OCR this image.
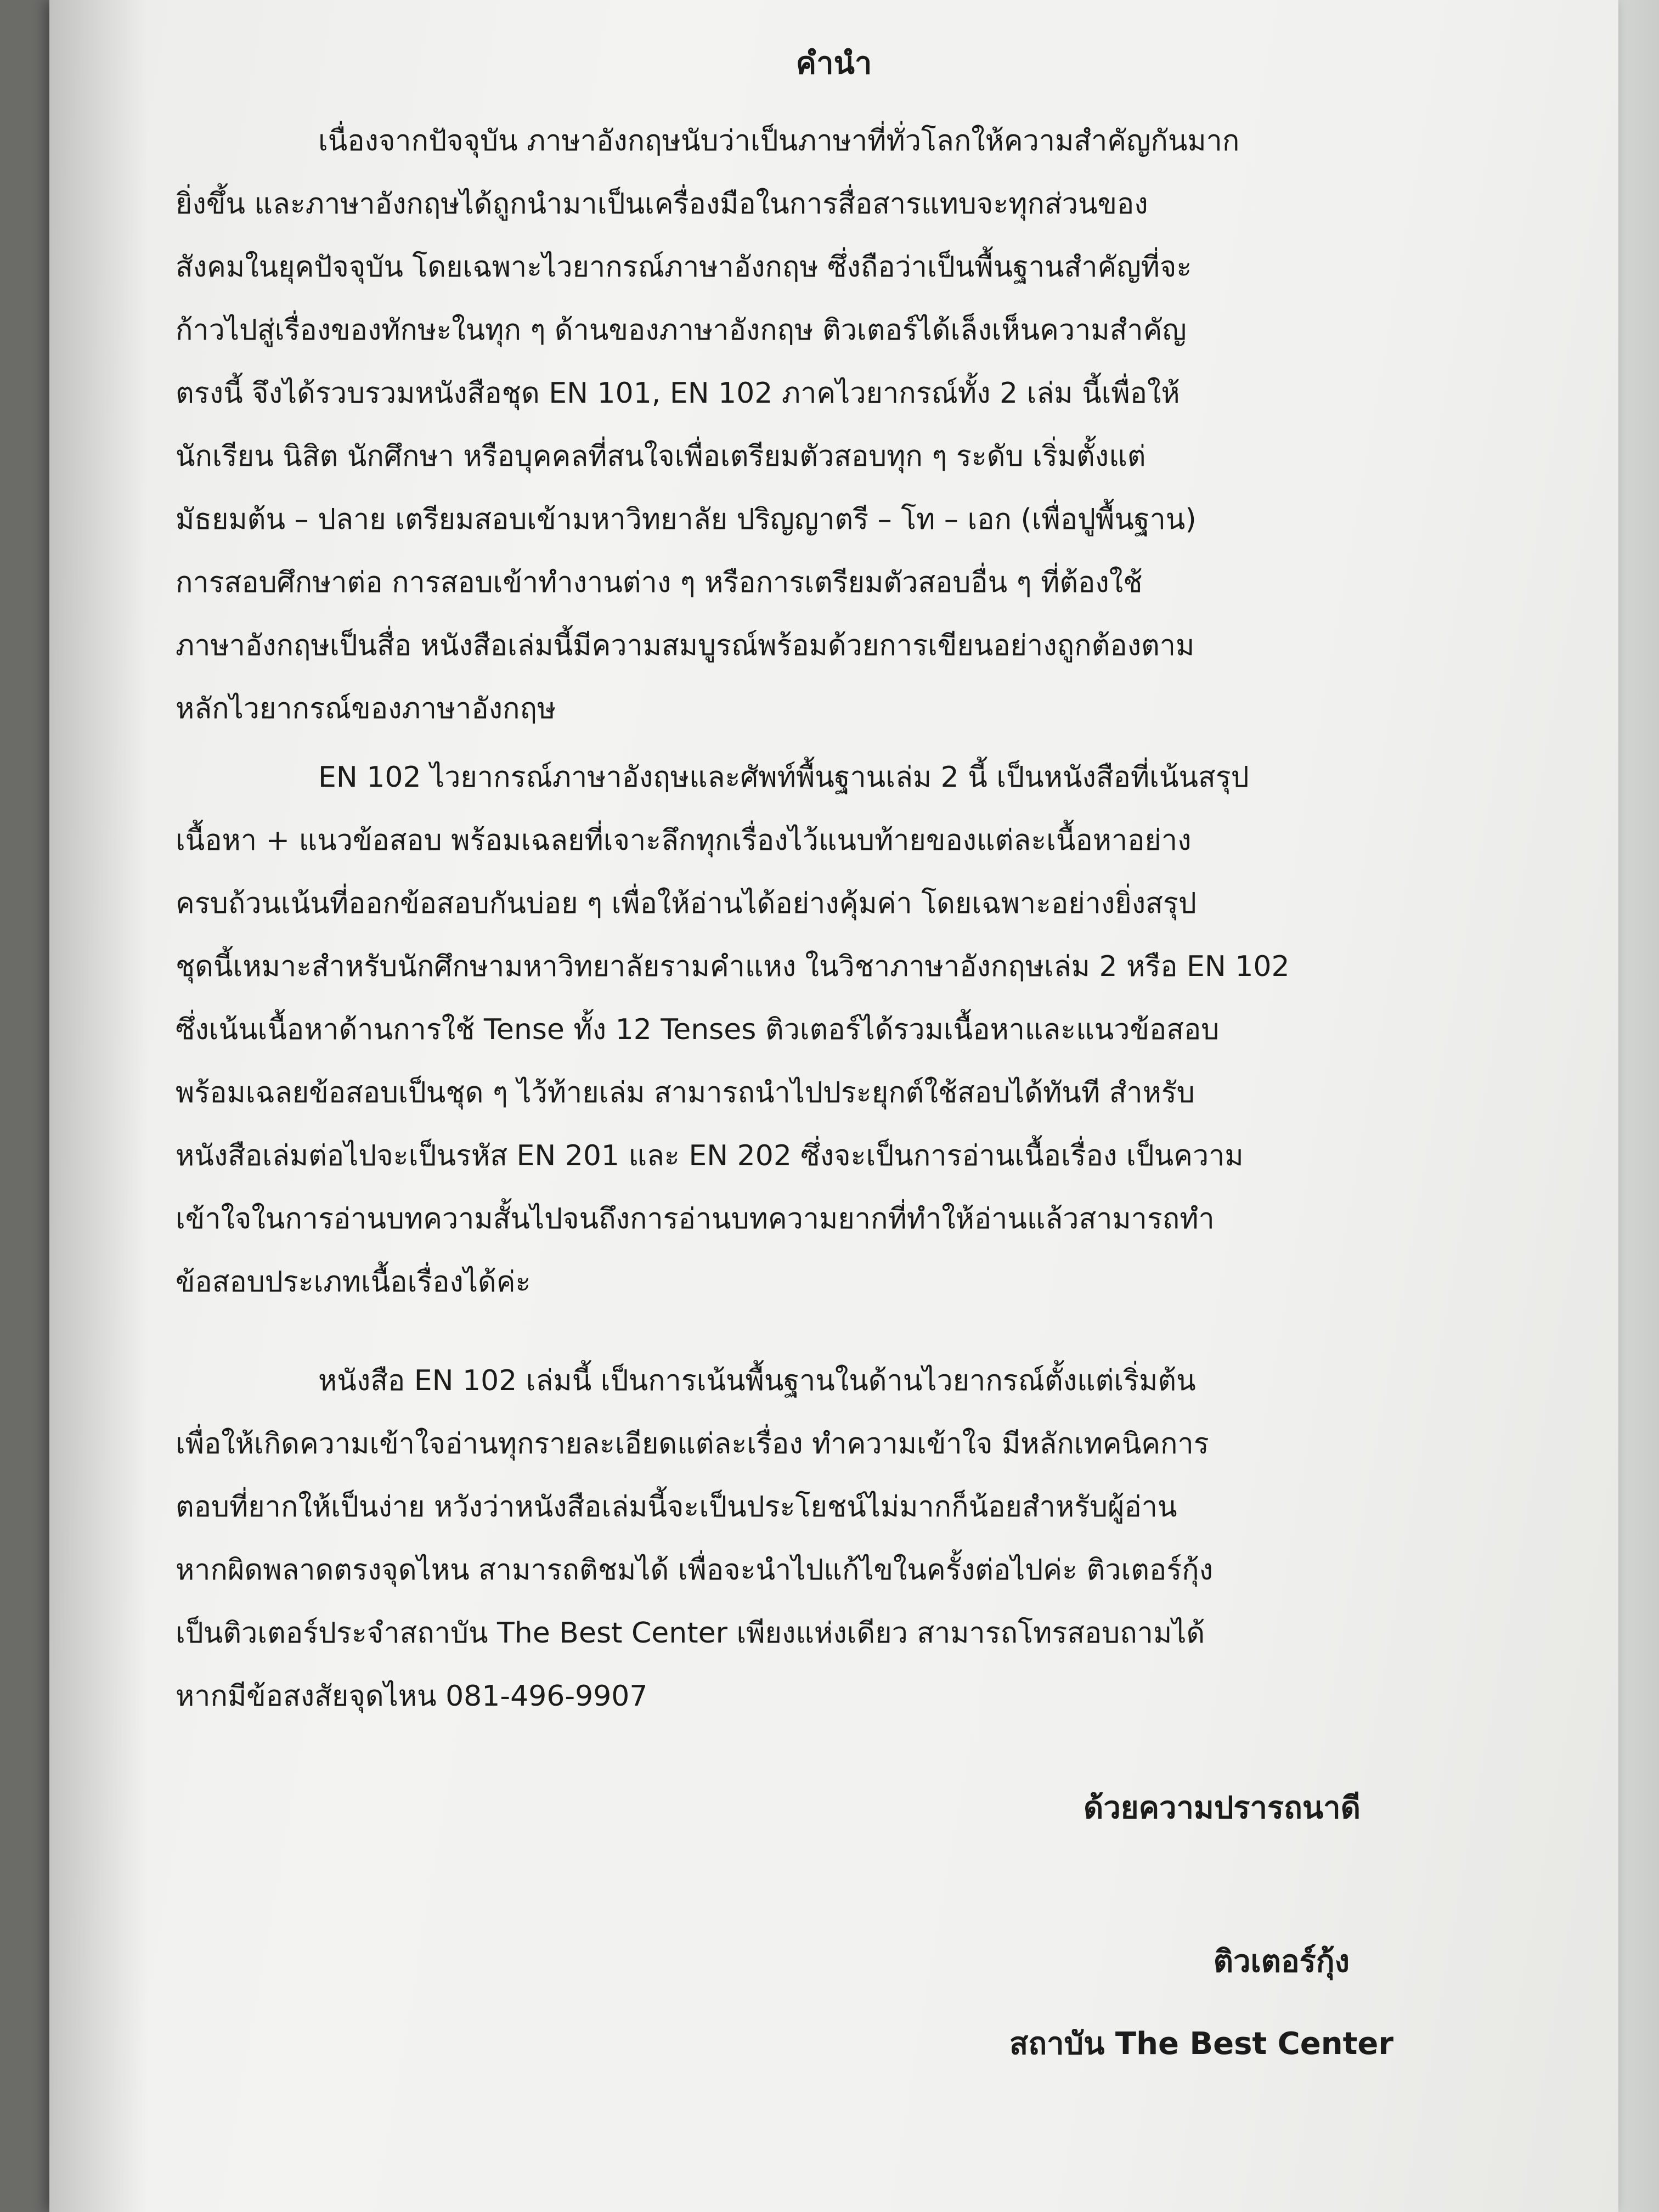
คำนำ
เนื่องจากปัจจุบัน ภาษาอังกฤษนับว่าเป็นภาษาที่ทั่วโลกให้ความสำคัญกันมาก
ยิ่งขึ้น และภาษาอังกฤษได้ถูกนำมาเป็นเครื่องมือในการสื่อสารแทบจะทุกส่วนของ
สังคมในยุคปัจจุบัน โดยเฉพาะไวยากรณ์ภาษาอังกฤษ ซึ่งถือว่าเป็นพื้นฐานสำคัญที่จะ
ก้าวไปสู่เรื่องของทักษะในทุก ๆ ด้านของภาษาอังกฤษ ติวเตอร์ได้เล็งเห็นความสำคัญ
ตรงนี้ จึงได้รวบรวมหนังสือชุด EN 101, EN 102 ภาคไวยากรณ์ทั้ง 2 เล่ม นี้เพื่อให้
นักเรียน นิสิต นักศึกษา หรือบุคคลที่สนใจเพื่อเตรียมตัวสอบทุก ๆ ระดับ เริ่มตั้งแต่
มัธยมต้น – ปลาย เตรียมสอบเข้ามหาวิทยาลัย ปริญญาตรี – โท – เอก (เพื่อปูพื้นฐาน)
การสอบศึกษาต่อ การสอบเข้าทำงานต่าง ๆ หรือการเตรียมตัวสอบอื่น ๆ ที่ต้องใช้
ภาษาอังกฤษเป็นสื่อ หนังสือเล่มนี้มีความสมบูรณ์พร้อมด้วยการเขียนอย่างถูกต้องตาม
หลักไวยากรณ์ของภาษาอังกฤษ
EN 102 ไวยากรณ์ภาษาอังฤษและศัพท์พื้นฐานเล่ม 2 นี้ เป็นหนังสือที่เน้นสรุป
เนื้อหา + แนวข้อสอบ พร้อมเฉลยที่เจาะลึกทุกเรื่องไว้แนบท้ายของแต่ละเนื้อหาอย่าง
ครบถ้วนเน้นที่ออกข้อสอบกันบ่อย ๆ เพื่อให้อ่านได้อย่างคุ้มค่า โดยเฉพาะอย่างยิ่งสรุป
ชุดนี้เหมาะสำหรับนักศึกษามหาวิทยาลัยรามคำแหง ในวิชาภาษาอังกฤษเล่ม 2 หรือ EN 102
ซึ่งเน้นเนื้อหาด้านการใช้ Tense ทั้ง 12 Tenses ติวเตอร์ได้รวมเนื้อหาและแนวข้อสอบ
พร้อมเฉลยข้อสอบเป็นชุด ๆ ไว้ท้ายเล่ม สามารถนำไปประยุกต์ใช้สอบได้ทันที สำหรับ
หนังสือเล่มต่อไปจะเป็นรหัส EN 201 และ EN 202 ซึ่งจะเป็นการอ่านเนื้อเรื่อง เป็นความ
เข้าใจในการอ่านบทความสั้นไปจนถึงการอ่านบทความยากที่ทำให้อ่านแล้วสามารถทำ
ข้อสอบประเภทเนื้อเรื่องได้ค่ะ
หนังสือ EN 102 เล่มนี้ เป็นการเน้นพื้นฐานในด้านไวยากรณ์ตั้งแต่เริ่มต้น
เพื่อให้เกิดความเข้าใจอ่านทุกรายละเอียดแต่ละเรื่อง ทำความเข้าใจ มีหลักเทคนิคการ
ตอบที่ยากให้เป็นง่าย หวังว่าหนังสือเล่มนี้จะเป็นประโยชน์ไม่มากก็น้อยสำหรับผู้อ่าน
หากผิดพลาดตรงจุดไหน สามารถติชมได้ เพื่อจะนำไปแก้ไขในครั้งต่อไปค่ะ ติวเตอร์กุ้ง
เป็นติวเตอร์ประจำสถาบัน The Best Center เพียงแห่งเดียว สามารถโทรสอบถามได้
หากมีข้อสงสัยจุดไหน 081-496-9907
ด้วยความปรารถนาดี
ติวเตอร์กุ้ง
สถาบัน The Best Center
